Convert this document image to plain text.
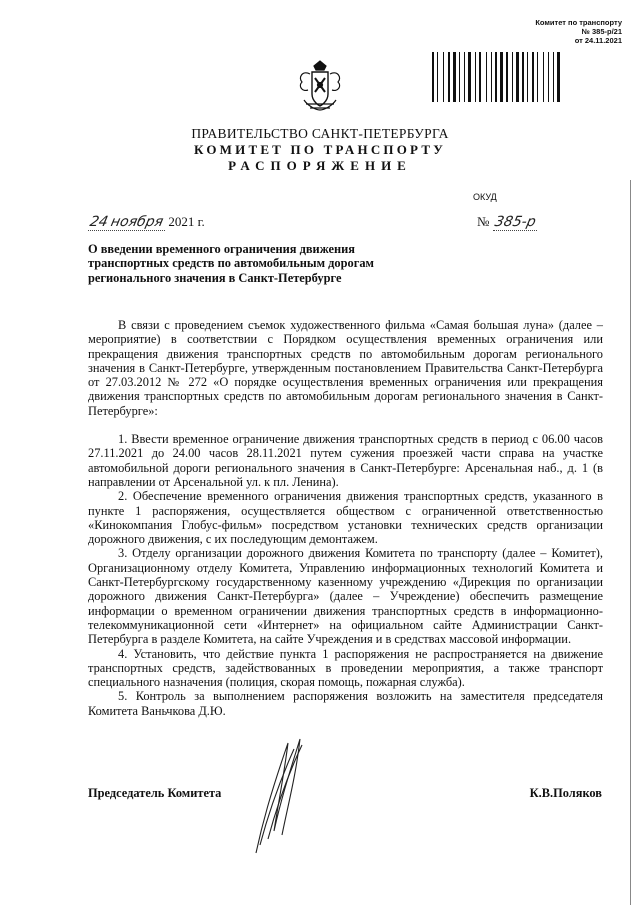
Комитет по транспорту
№ 385-р/21
от 24.11.2021
ПРАВИТЕЛЬСТВО САНКТ-ПЕТЕРБУРГА
КОМИТЕТ ПО ТРАНСПОРТУ
РАСПОРЯЖЕНИЕ
ОКУД
24 ноября 2021 г.	№ 385-р
О введении временного ограничения движения транспортных средств по автомобильным дорогам регионального значения в Санкт-Петербурге

В связи с проведением съемок художественного фильма «Самая большая луна» (далее – мероприятие) в соответствии с Порядком осуществления временных ограничения или прекращения движения транспортных средств по автомобильным дорогам регионального значения в Санкт-Петербурге, утвержденным постановлением Правительства Санкт-Петербурга от 27.03.2012 № 272 «О порядке осуществления временных ограничения или прекращения движения транспортных средств по автомобильным дорогам регионального значения в Санкт-Петербурге»:

1. Ввести временное ограничение движения транспортных средств в период с 06.00 часов 27.11.2021 до 24.00 часов 28.11.2021 путем сужения проезжей части справа на участке автомобильной дороги регионального значения в Санкт-Петербурге: Арсенальная наб., д. 1 (в направлении от Арсенальной ул. к пл. Ленина).

2. Обеспечение временного ограничения движения транспортных средств, указанного в пункте 1 распоряжения, осуществляется обществом с ограниченной ответственностью «Кинокомпания Глобус-фильм» посредством установки технических средств организации дорожного движения, с их последующим демонтажем.

3. Отделу организации дорожного движения Комитета по транспорту (далее – Комитет), Организационному отделу Комитета, Управлению информационных технологий Комитета и Санкт-Петербургскому государственному казенному учреждению «Дирекция по организации дорожного движения Санкт-Петербурга» (далее – Учреждение) обеспечить размещение информации о временном ограничении движения транспортных средств в информационно-телекоммуникационной сети «Интернет» на официальном сайте Администрации Санкт-Петербурга в разделе Комитета, на сайте Учреждения и в средствах массовой информации.

4. Установить, что действие пункта 1 распоряжения не распространяется на движение транспортных средств, задействованных в проведении мероприятия, а также транспорт специального назначения (полиция, скорая помощь, пожарная служба).

5. Контроль за выполнением распоряжения возложить на заместителя председателя Комитета Ваньчкова Д.Ю.

Председатель Комитета	К.В.Поляков
